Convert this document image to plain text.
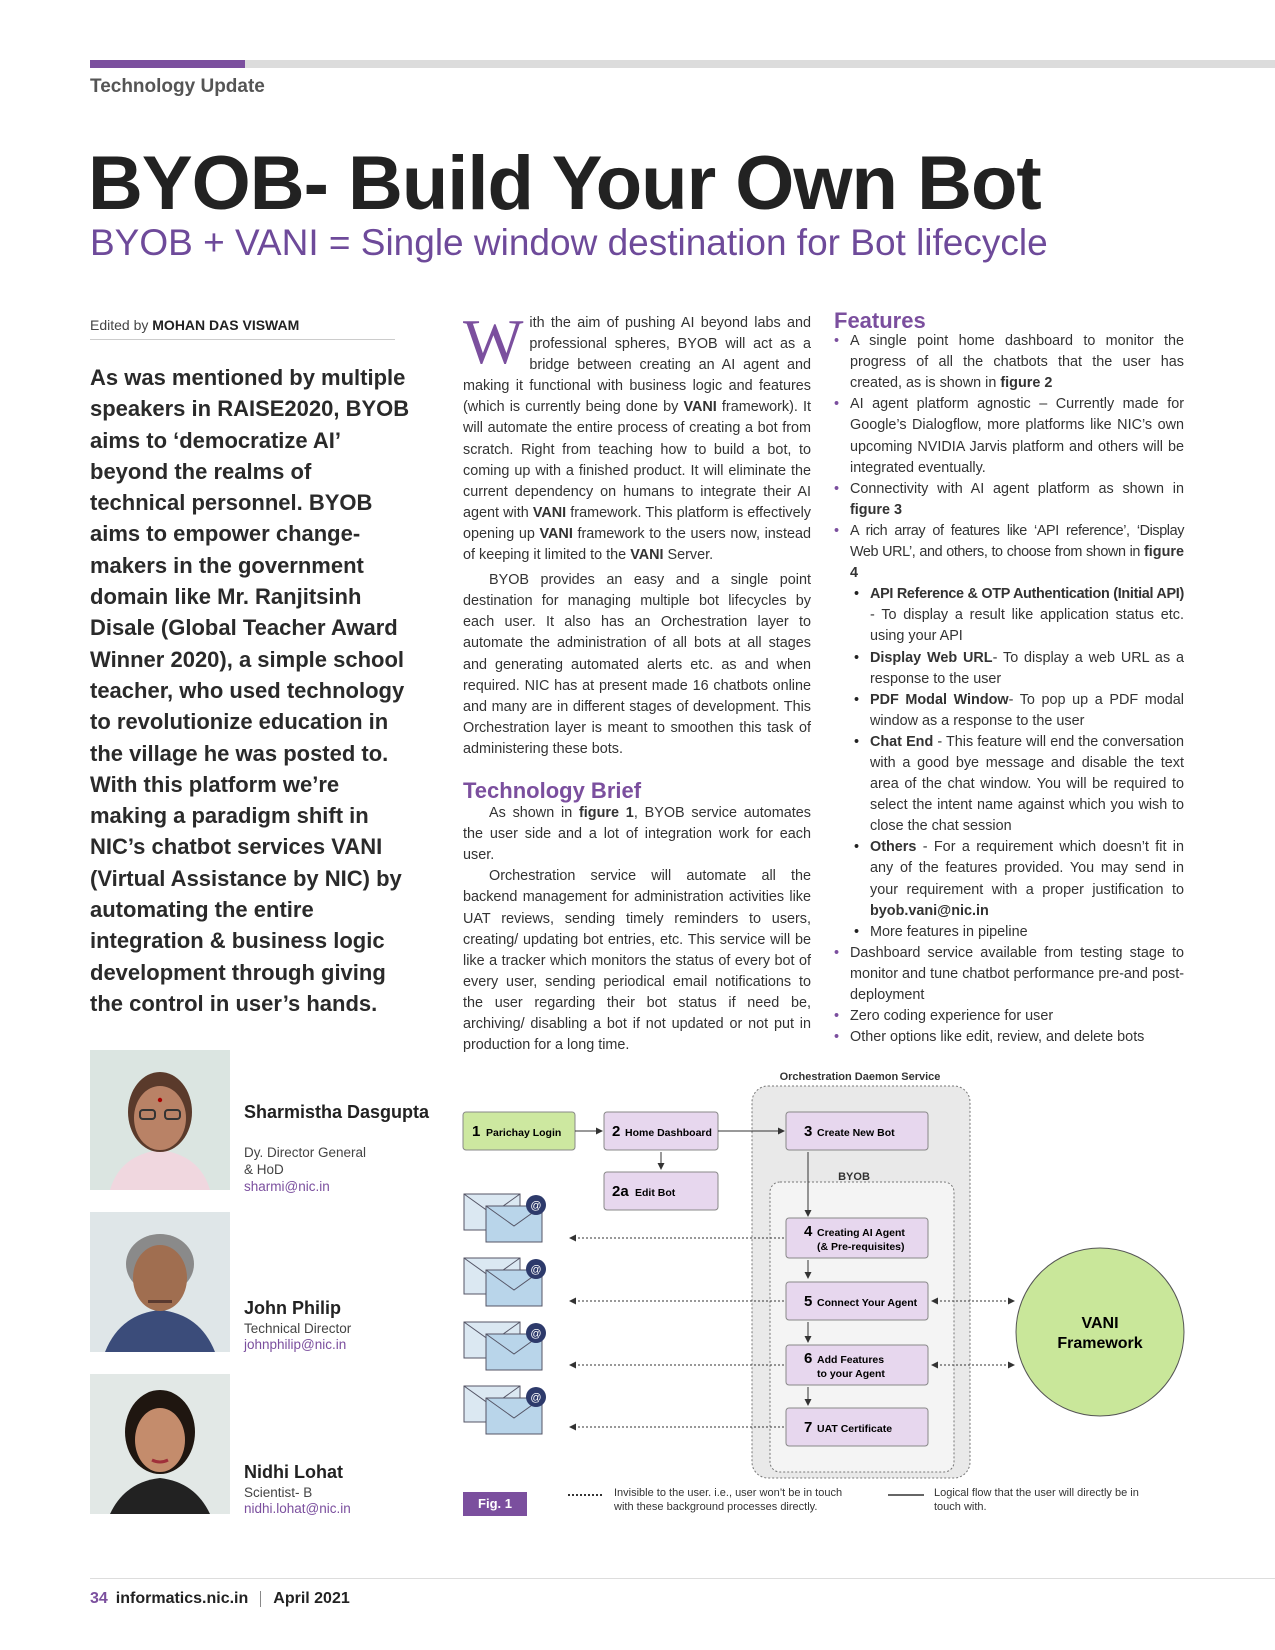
Technology Update
BYOB- Build Your Own Bot
BYOB + VANI = Single window destination for Bot lifecycle
Edited by MOHAN DAS VISWAM
As was mentioned by multiple speakers in RAISE2020, BYOB aims to ‘democratize AI’ beyond the realms of technical personnel. BYOB aims to empower change-makers in the government domain like Mr. Ranjitsinh Disale (Global Teacher Award Winner 2020), a simple school teacher, who used technology to revolutionize education in the village he was posted to. With this platform we’re making a paradigm shift in NIC’s chatbot services VANI (Virtual Assistance by NIC) by automating the entire integration & business logic development through giving the control in user’s hands.

With the aim of pushing AI beyond labs and professional spheres, BYOB will act as a bridge between creating an AI agent and making it functional with business logic and features (which is currently being done by VANI framework). It will automate the entire process of creating a bot from scratch. Right from teaching how to build a bot, to coming up with a finished product. It will eliminate the current dependency on humans to integrate their AI agent with VANI framework. This platform is effectively opening up VANI framework to the users now, instead of keeping it limited to the VANI Server.

BYOB provides an easy and a single point destination for managing multiple bot lifecycles by each user. It also has an Orchestration layer to automate the administration of all bots at all stages and generating automated alerts etc. as and when required. NIC has at present made 16 chatbots online and many are in different stages of development. This Orchestration layer is meant to smoothen this task of administering these bots.

Technology Brief

As shown in figure 1, BYOB service automates the user side and a lot of integration work for each user.

Orchestration service will automate all the backend management for administration activities like UAT reviews, sending timely reminders to users, creating/ updating bot entries, etc. This service will be like a tracker which monitors the status of every bot of every user, sending periodical email notifications to the user regarding their bot status if need be, archiving/ disabling a bot if not updated or not put in production for a long time.

Features
• A single point home dashboard to monitor the progress of all the chatbots that the user has created, as is shown in figure 2
• AI agent platform agnostic – Currently made for Google’s Dialogflow, more platforms like NIC’s own upcoming NVIDIA Jarvis platform and others will be integrated eventually.
• Connectivity with AI agent platform as shown in figure 3
• A rich array of features like ‘API reference’, ‘Display Web URL’, and others, to choose from shown in figure 4
• API Reference & OTP Authentication (Initial API) - To display a result like application status etc. using your API
• Display Web URL- To display a web URL as a response to the user
• PDF Modal Window- To pop up a PDF modal window as a response to the user
• Chat End - This feature will end the conversation with a good bye message and disable the text area of the chat window. You will be required to select the intent name against which you wish to close the chat session
• Others - For a requirement which doesn’t fit in any of the features provided. You may send in your requirement with a proper justification to byob.vani@nic.in
• More features in pipeline
• Dashboard service available from testing stage to monitor and tune chatbot performance pre-and post-deployment
• Zero coding experience for user
• Other options like edit, review, and delete bots
Sharmistha Dasgupta
Dy. Director General & HoD
sharmi@nic.in
John Philip
Technical Director
johnphilip@nic.in
Nidhi Lohat
Scientist- B
nidhi.lohat@nic.in
Orchestration Daemon Service
BYOB
1 Parichay Login	2 Home Dashboard
2a Edit Bot
3 Create New Bot
4 Creating AI Agent
(& Pre-requisites)
5 Connect Your Agent
6 Add Features
to your Agent
7 UAT Certificate
VANI
Framework
@
@
@
@
Fig. 1
Invisible to the user. i.e., user won’t be in touch with these background processes directly.
Logical flow that the user will directly be in touch with.
34 informatics.nic.in April 2021
